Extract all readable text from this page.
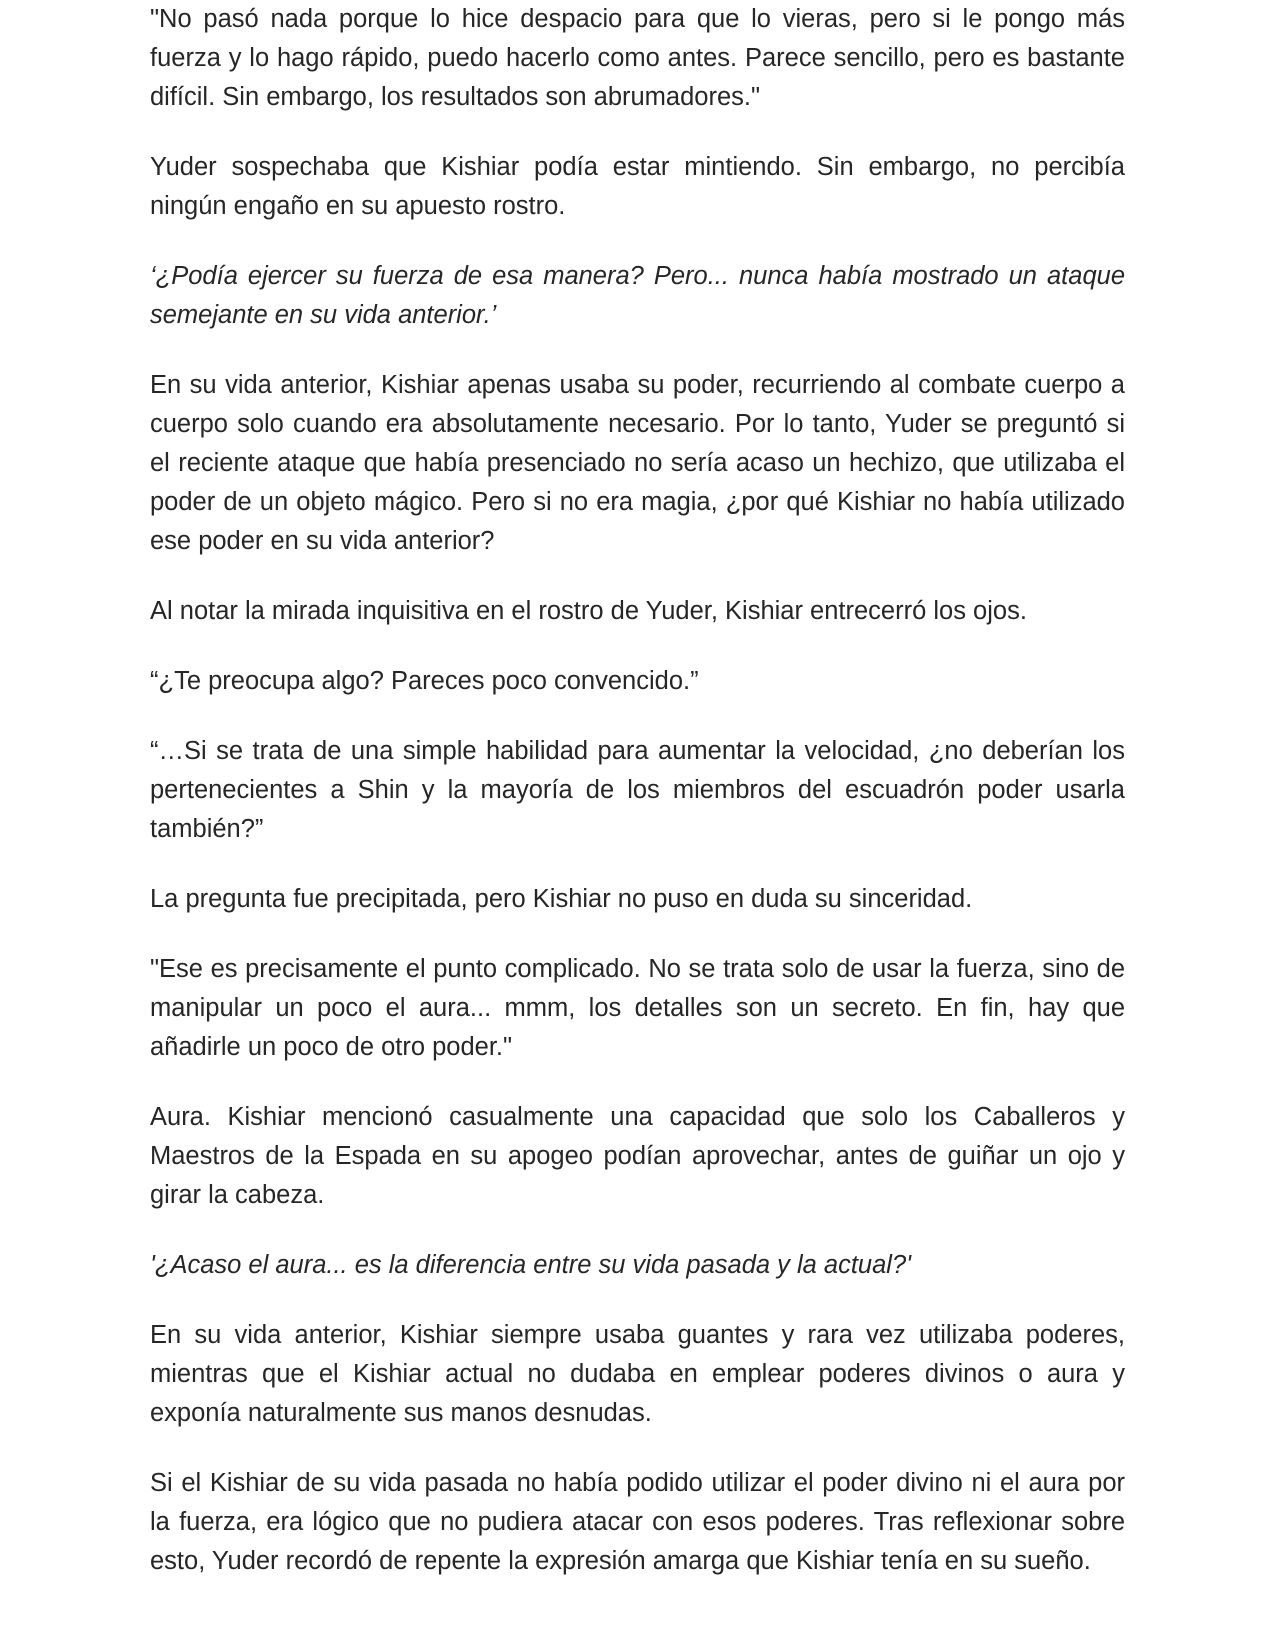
"No pasó nada porque lo hice despacio para que lo vieras, pero si le pongo más fuerza y lo hago rápido, puedo hacerlo como antes. Parece sencillo, pero es bastante difícil. Sin embargo, los resultados son abrumadores."

Yuder sospechaba que Kishiar podía estar mintiendo. Sin embargo, no percibía ningún engaño en su apuesto rostro.

‘¿Podía ejercer su fuerza de esa manera? Pero... nunca había mostrado un ataque semejante en su vida anterior.’

En su vida anterior, Kishiar apenas usaba su poder, recurriendo al combate cuerpo a cuerpo solo cuando era absolutamente necesario. Por lo tanto, Yuder se preguntó si el reciente ataque que había presenciado no sería acaso un hechizo, que utilizaba el poder de un objeto mágico. Pero si no era magia, ¿por qué Kishiar no había utilizado ese poder en su vida anterior?

Al notar la mirada inquisitiva en el rostro de Yuder, Kishiar entrecerró los ojos.

“¿Te preocupa algo? Pareces poco convencido.”

“…Si se trata de una simple habilidad para aumentar la velocidad, ¿no deberían los pertenecientes a Shin y la mayoría de los miembros del escuadrón poder usarla también?”

La pregunta fue precipitada, pero Kishiar no puso en duda su sinceridad.

"Ese es precisamente el punto complicado. No se trata solo de usar la fuerza, sino de manipular un poco el aura... mmm, los detalles son un secreto. En fin, hay que añadirle un poco de otro poder."

Aura. Kishiar mencionó casualmente una capacidad que solo los Caballeros y Maestros de la Espada en su apogeo podían aprovechar, antes de guiñar un ojo y girar la cabeza.

'¿Acaso el aura... es la diferencia entre su vida pasada y la actual?'

En su vida anterior, Kishiar siempre usaba guantes y rara vez utilizaba poderes, mientras que el Kishiar actual no dudaba en emplear poderes divinos o aura y exponía naturalmente sus manos desnudas.

Si el Kishiar de su vida pasada no había podido utilizar el poder divino ni el aura por la fuerza, era lógico que no pudiera atacar con esos poderes. Tras reflexionar sobre esto, Yuder recordó de repente la expresión amarga que Kishiar tenía en su sueño.
